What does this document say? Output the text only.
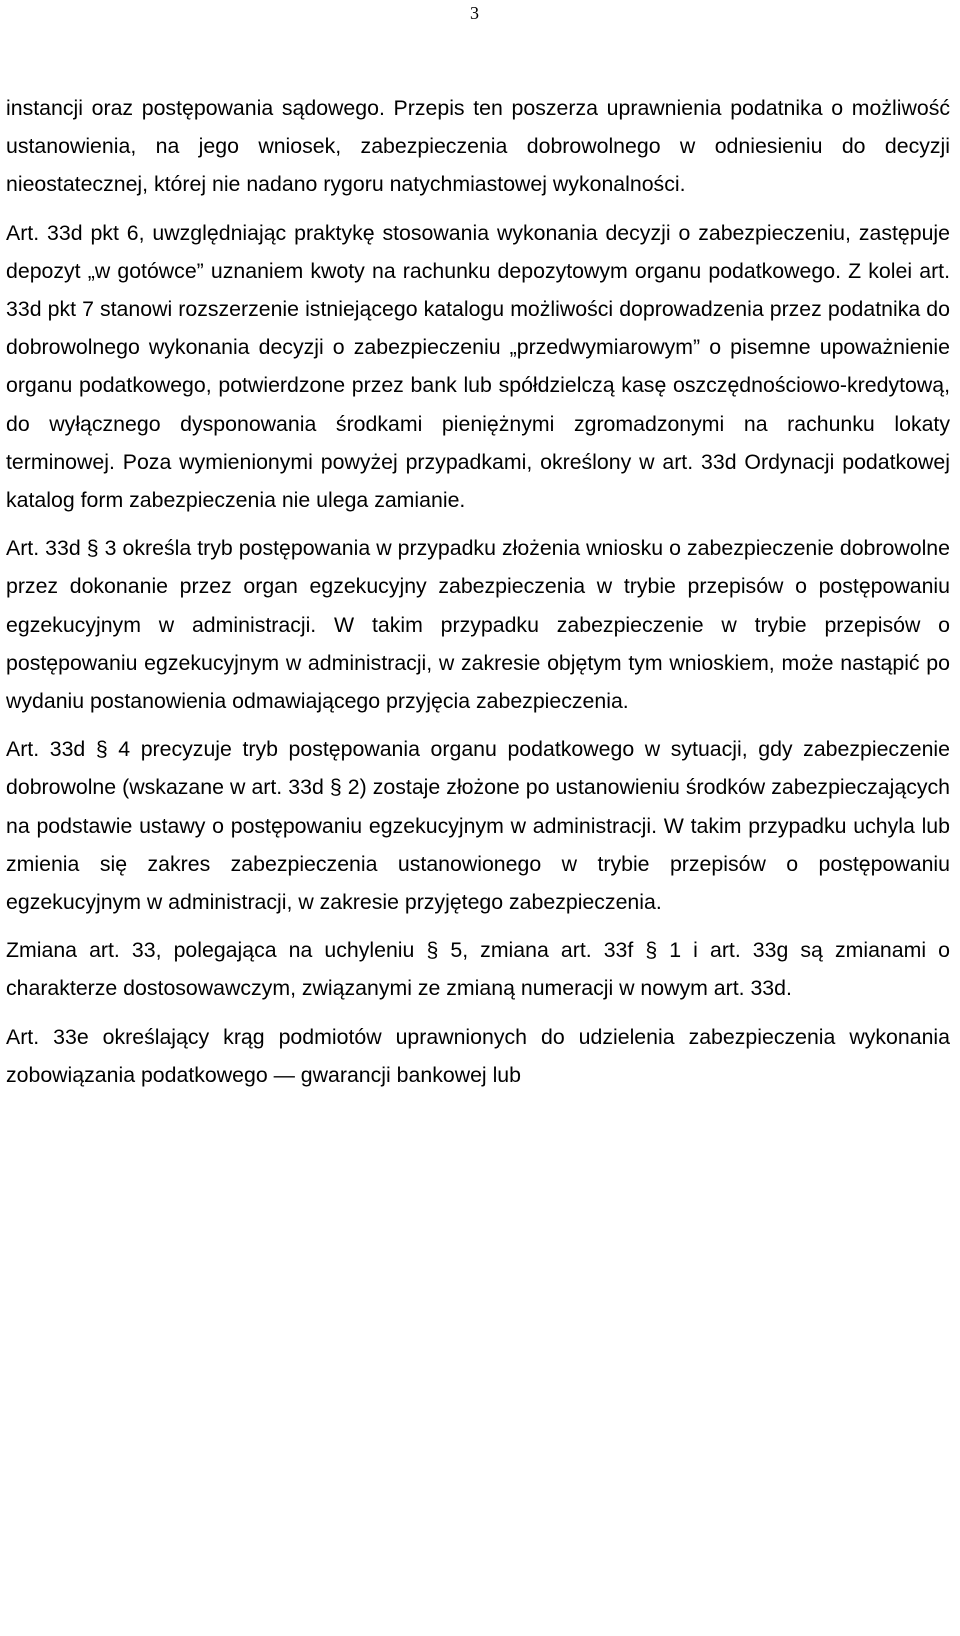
3

instancji oraz postępowania sądowego. Przepis ten poszerza uprawnienia podatnika o możliwość ustanowienia, na jego wniosek, zabezpieczenia dobrowolnego w odniesieniu do decyzji nieostatecznej, której nie nadano rygoru natychmiastowej wykonalności.

Art. 33d pkt 6, uwzględniając praktykę stosowania wykonania decyzji o zabezpieczeniu, zastępuje depozyt „w gotówce” uznaniem kwoty na rachunku depozytowym organu podatkowego. Z kolei art. 33d pkt 7 stanowi rozszerzenie istniejącego katalogu możliwości doprowadzenia przez podatnika do dobrowolnego wykonania decyzji o zabezpieczeniu „przedwymiarowym” o pisemne upoważnienie organu podatkowego, potwierdzone przez bank lub spółdzielczą kasę oszczędnościowo-kredytową, do wyłącznego dysponowania środkami pieniężnymi zgromadzonymi na rachunku lokaty terminowej. Poza wymienionymi powyżej przypadkami, określony w art. 33d Ordynacji podatkowej katalog form zabezpieczenia nie ulega zamianie.

Art. 33d § 3 określa tryb postępowania w przypadku złożenia wniosku o zabezpieczenie dobrowolne przez dokonanie przez organ egzekucyjny zabezpieczenia w trybie przepisów o postępowaniu egzekucyjnym w administracji. W takim przypadku zabezpieczenie w trybie przepisów o postępowaniu egzekucyjnym w administracji, w zakresie objętym tym wnioskiem, może nastąpić po wydaniu postanowienia odmawiającego przyjęcia zabezpieczenia.

Art. 33d § 4 precyzuje tryb postępowania organu podatkowego w sytuacji, gdy zabezpieczenie dobrowolne (wskazane w art. 33d § 2) zostaje złożone po ustanowieniu środków zabezpieczających na podstawie ustawy o postępowaniu egzekucyjnym w administracji. W takim przypadku uchyla lub zmienia się zakres zabezpieczenia ustanowionego w trybie przepisów o postępowaniu egzekucyjnym w administracji, w zakresie przyjętego zabezpieczenia.

Zmiana art. 33, polegająca na uchyleniu § 5, zmiana art. 33f § 1 i art. 33g są zmianami o charakterze dostosowawczym, związanymi ze zmianą numeracji w nowym art. 33d.

Art. 33e określający krąg podmiotów uprawnionych do udzielenia zabezpieczenia wykonania zobowiązania podatkowego — gwarancji bankowej lub
